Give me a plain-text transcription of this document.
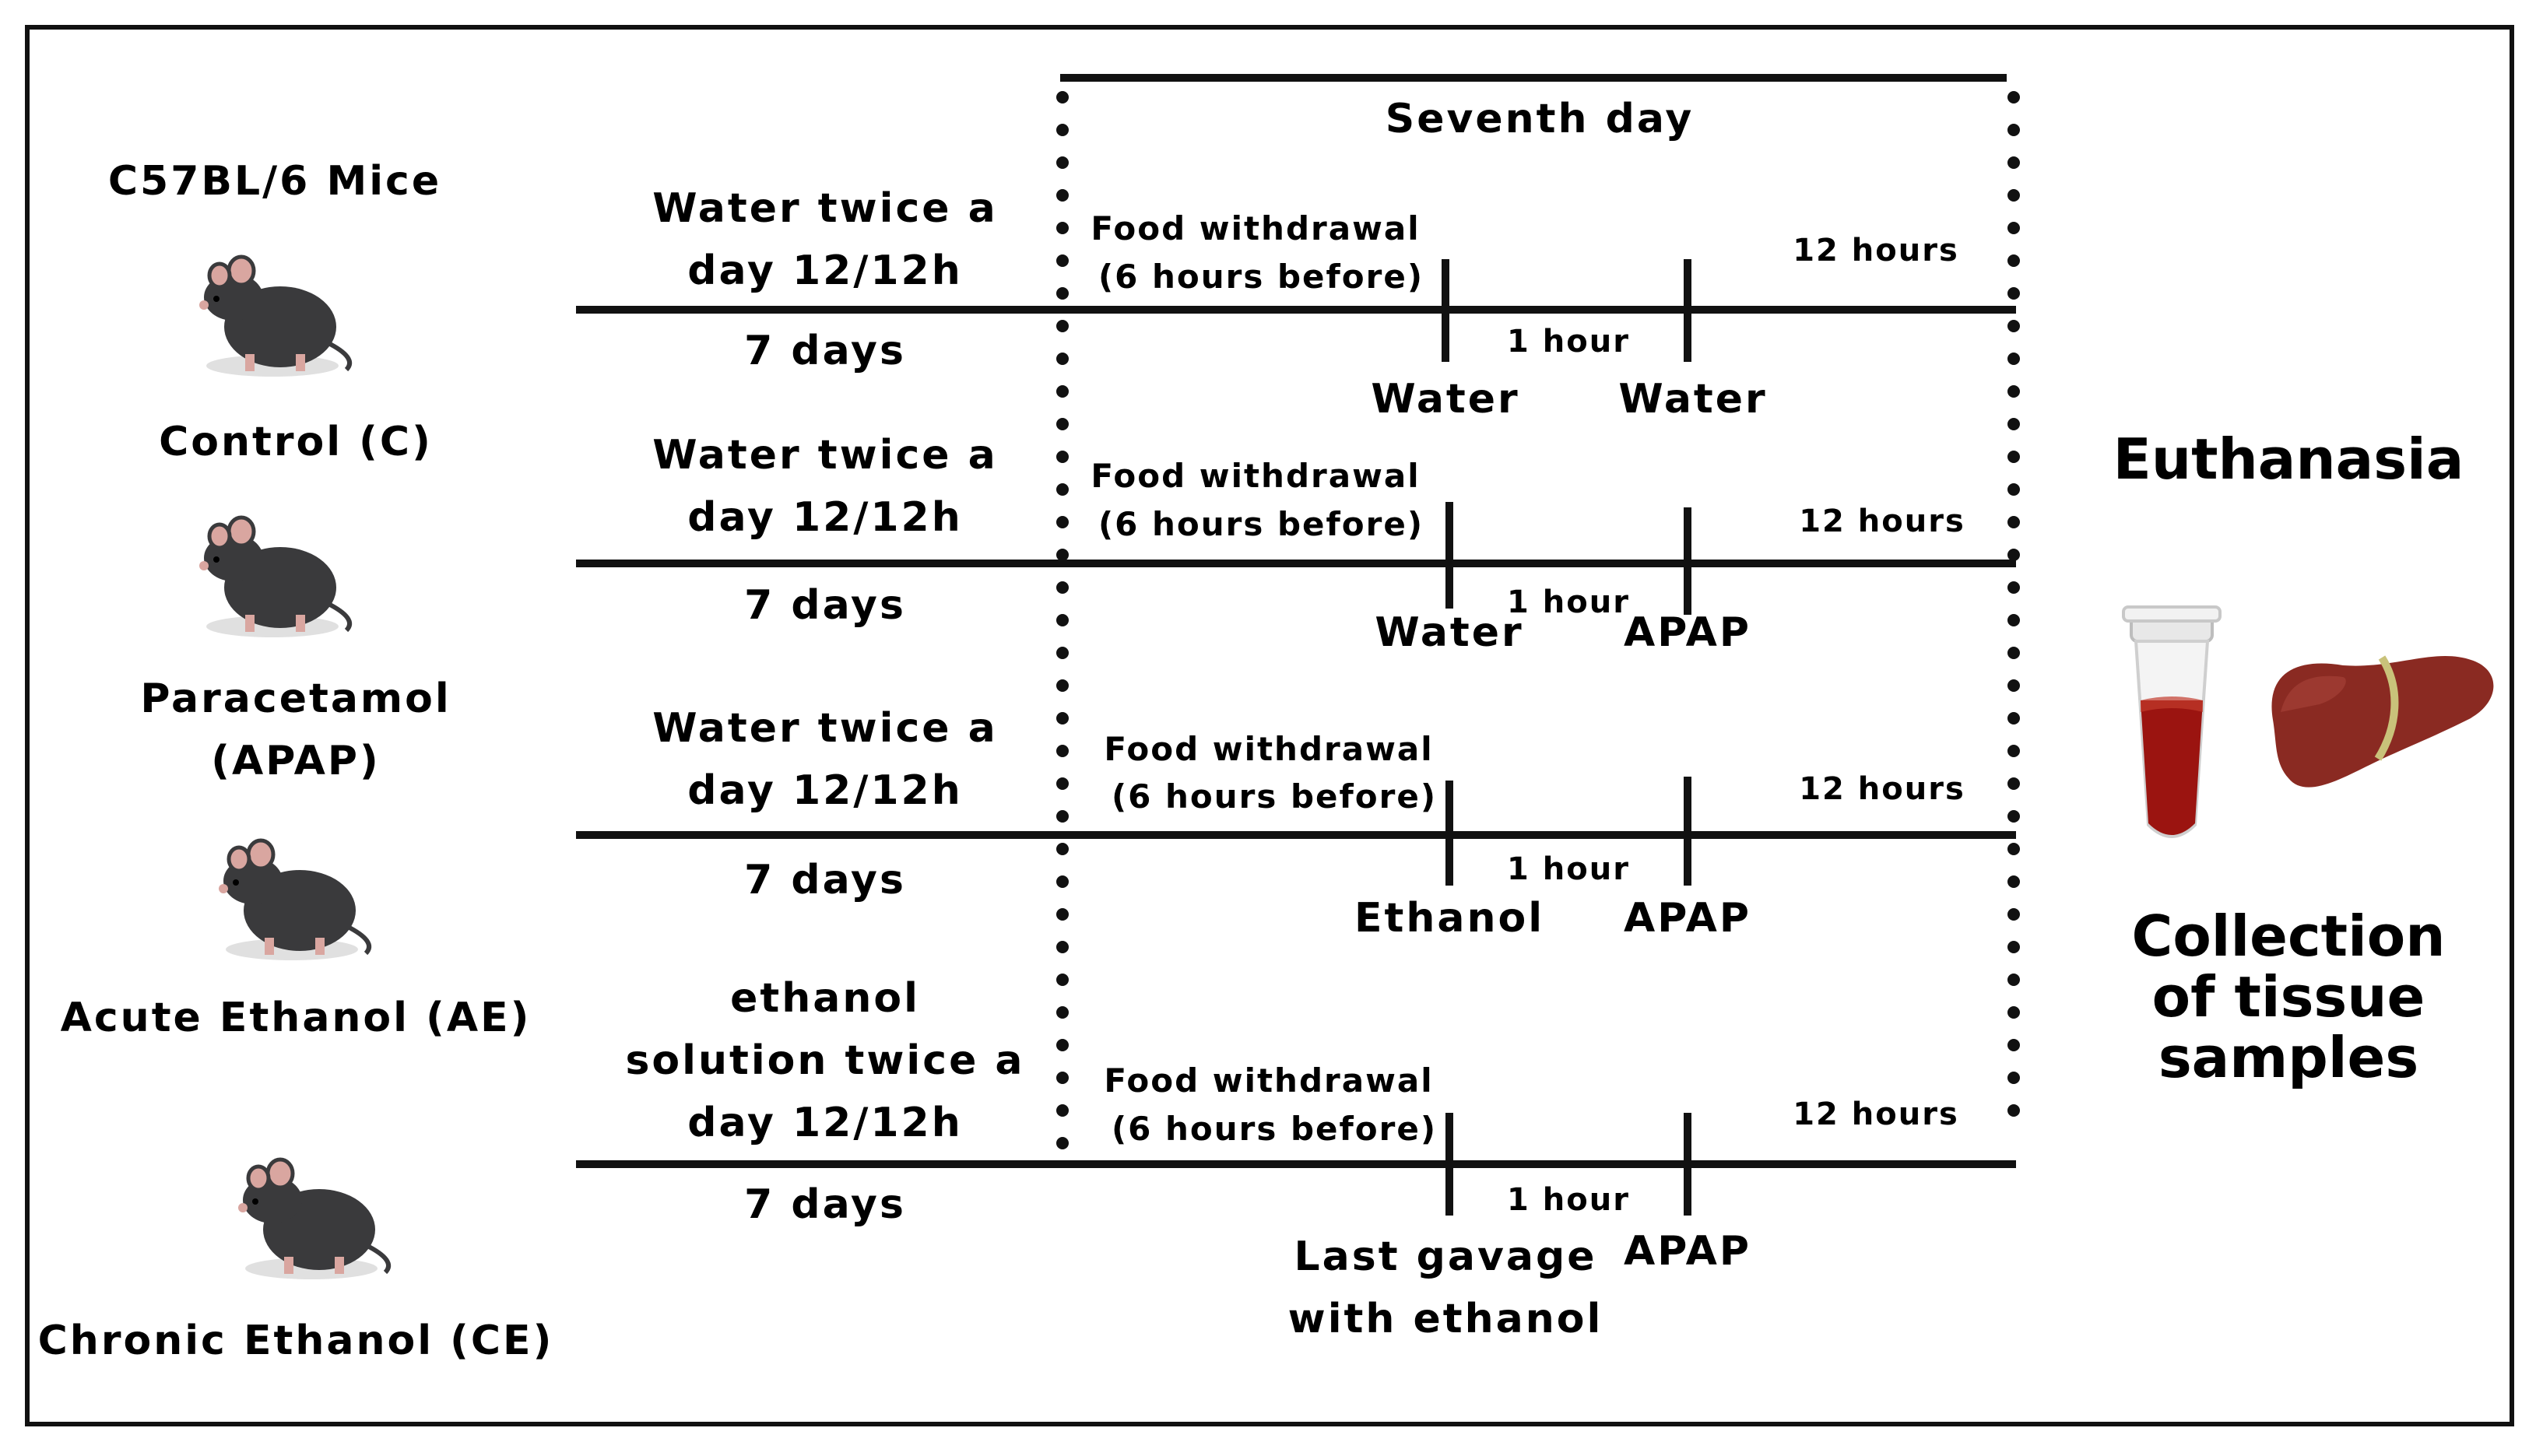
C57BL/6 Mice
Control (C)
Paracetamol
(APAP)
Acute Ethanol (AE)
Chronic Ethanol (CE)
Seventh day
Water twice a
day 12/12h
7 days
Food withdrawal
(6 hours before)
1 hour
12 hours
Water Water
Water twice a
day 12/12h
7 days
Food withdrawal
(6 hours before)
1 hour
12 hours
Water APAP
Water twice a
day 12/12h
7 days
Food withdrawal
(6 hours before)
1 hour
12 hours
Ethanol APAP
ethanol
solution twice a
day 12/12h
7 days
Food withdrawal
(6 hours before)
1 hour
12 hours
Last gavage
with ethanol
APAP
Euthanasia
Collection
of tissue
samples
